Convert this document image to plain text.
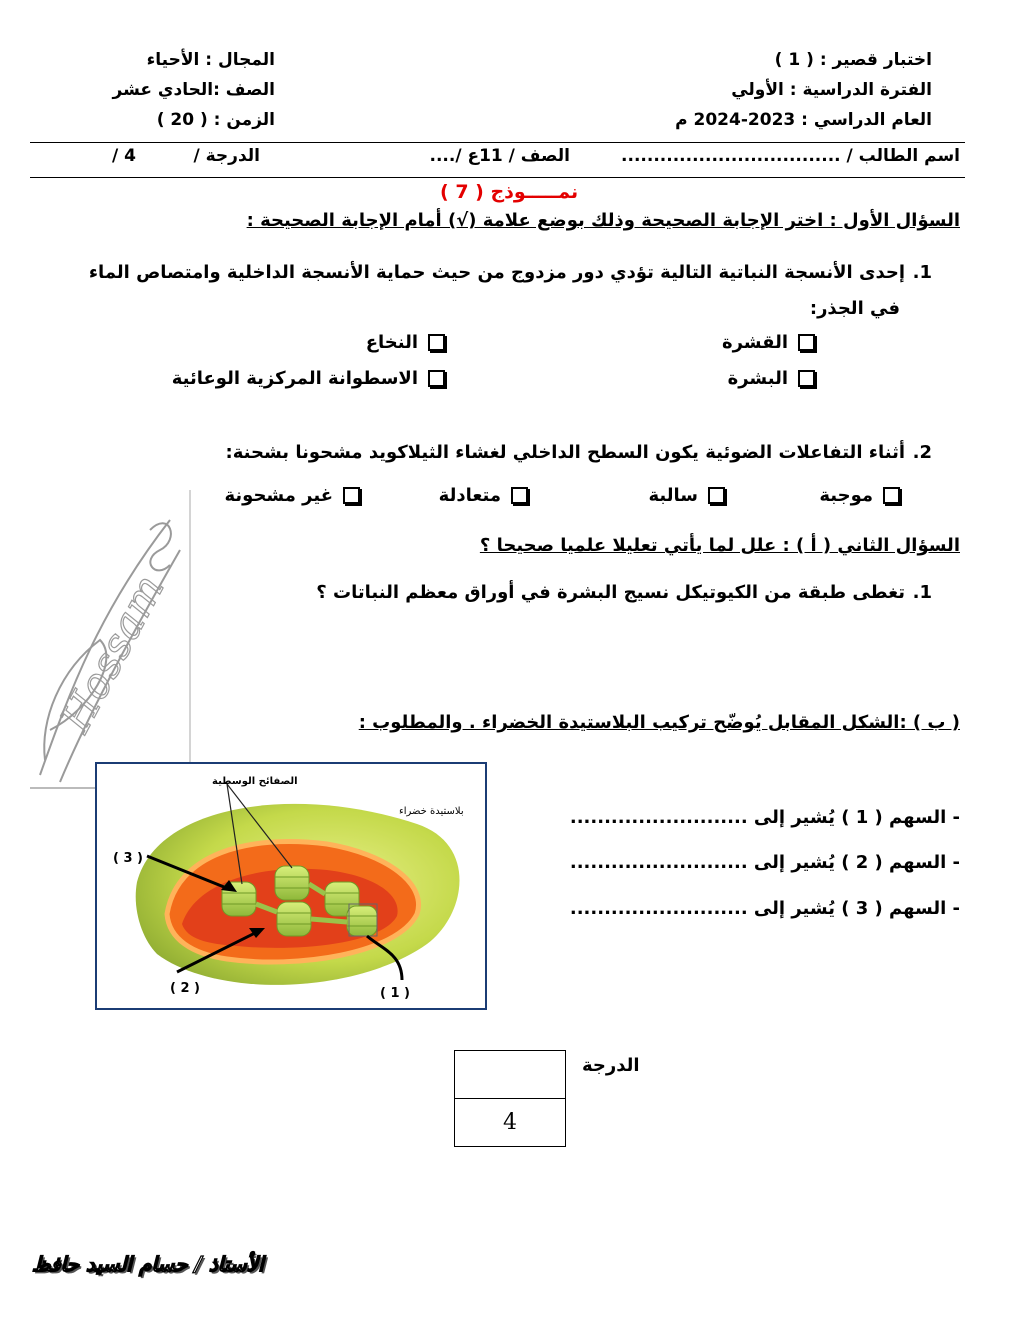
اختبار قصير : ( 1 )
الفترة الدراسية : الأولي
العام الدراسي : 2023-2024 م
المجال : الأحياء
الصف :الحادي عشر
الزمن : ( 20 )
اسم الطالب / ..................................
الصف / 11ع /....
الدرجة /
/ 4
نمـــــوذج ( 7 )
السؤال الأول : اختر الإجابة الصحيحة وذلك بوضع علامة (√) أمام الإجابة الصحيحة :
.1
إحدى الأنسجة النباتية التالية تؤدي دور مزدوج من حيث حماية الأنسجة الداخلية وامتصاص الماء
في الجذر:
القشرة
النخاع
البشرة
الاسطوانة المركزية الوعائية
.2
أثناء التفاعلات الضوئية يكون السطح الداخلي لغشاء الثيلاكويد مشحونا بشحنة:
موجبة
سالبة
متعادلة
غير مشحونة
السؤال الثاني ( أ ) : علل لما يأتي تعليلا علميا صحيحا ؟
.1
تغطى طبقة من الكيوتيكل نسيج البشرة في أوراق معظم النباتات ؟
( ب ) :الشكل المقابل يُوضّح تركيب البلاستيدة الخضراء . والمطلوب :
- السهم ( 1 ) يُشير إلى ..........................
- السهم ( 2 ) يُشير إلى ..........................
- السهم ( 3 ) يُشير إلى ..........................
Hossam
الصفائح الوسطية
بلاستيدة خضراء
( 3 )
( 2 )	( 1 )
الدرجة

4
الأستاذ / حسام السيد حافظ
